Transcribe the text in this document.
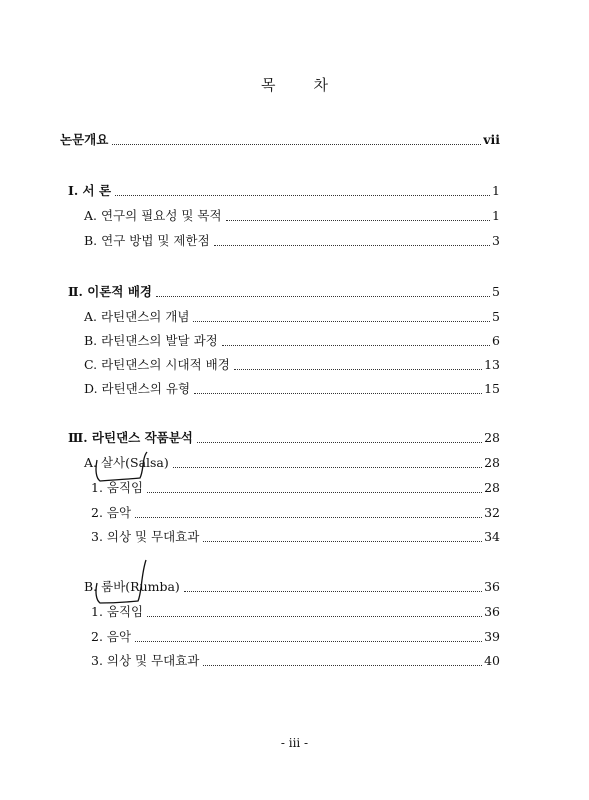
목	차
논문개요	vii
Ⅰ. 서 론	1
A. 연구의 필요성 및 목적	1
B. 연구 방법 및 제한점	3
Ⅱ. 이론적 배경	5
A. 라틴댄스의 개념	5
B. 라틴댄스의 발달 과정	6
C. 라틴댄스의 시대적 배경	13
D. 라틴댄스의 유형	15
Ⅲ. 라틴댄스 작품분석	28
A. 살사(Salsa)	28
1. 움직임	28
2. 음악	32
3. 의상 및 무대효과	34
B. 룸바(Rumba)	36
1. 움직임	36
2. 음악	39
3. 의상 및 무대효과	40
- iii -
